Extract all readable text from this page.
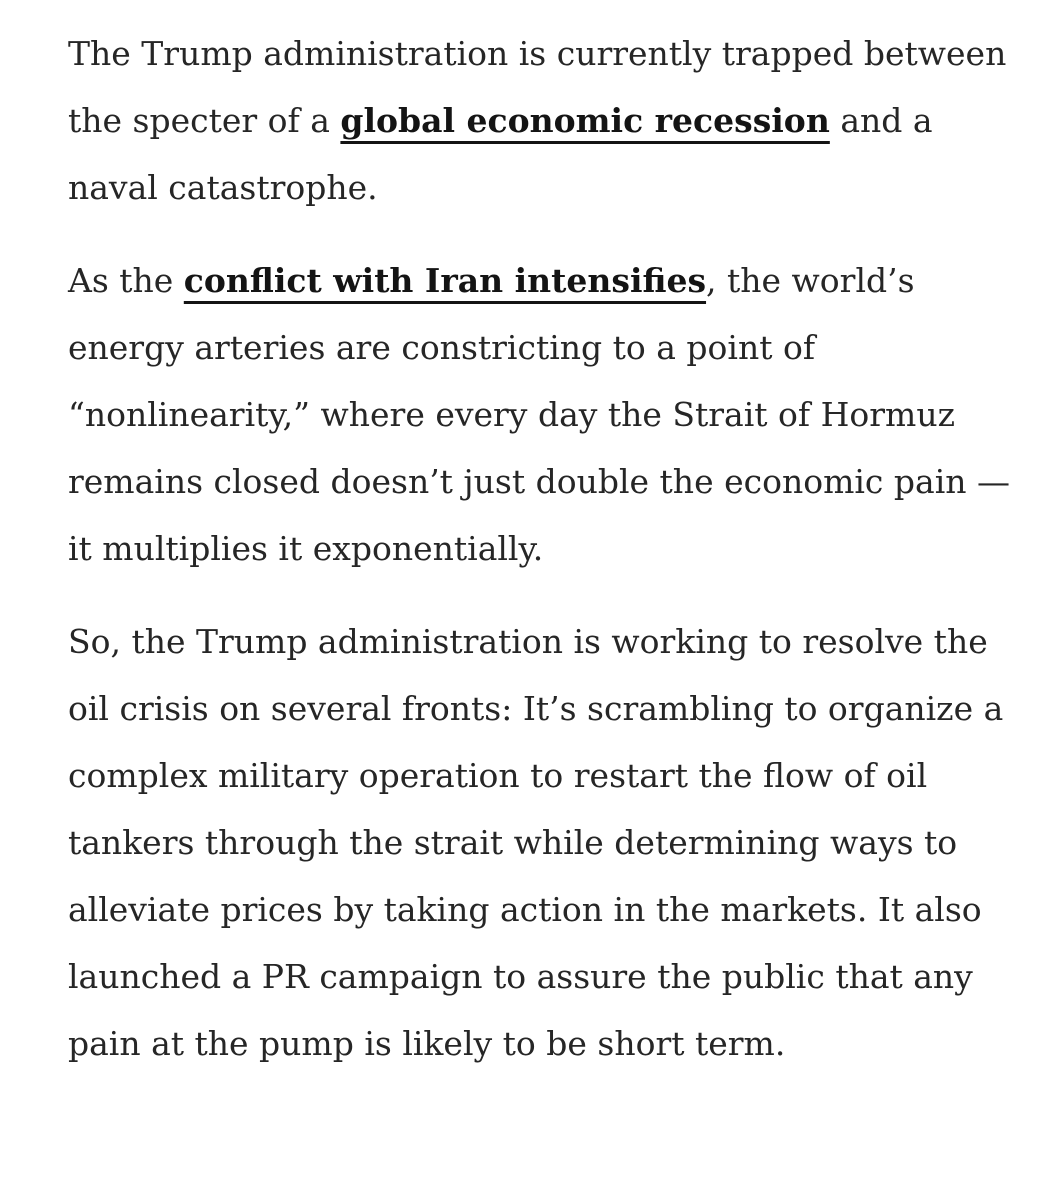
The Trump administration is currently trapped between the specter of a global economic recession and a naval catastrophe.

As the conflict with Iran intensifies, the world’s energy arteries are constricting to a point of “nonlinearity,” where every day the Strait of Hormuz remains closed doesn’t just double the economic pain — it multiplies it exponentially.

So, the Trump administration is working to resolve the oil crisis on several fronts: It’s scrambling to organize a complex military operation to restart the flow of oil tankers through the strait while determining ways to alleviate prices by taking action in the markets. It also launched a PR campaign to assure the public that any pain at the pump is likely to be short term.
